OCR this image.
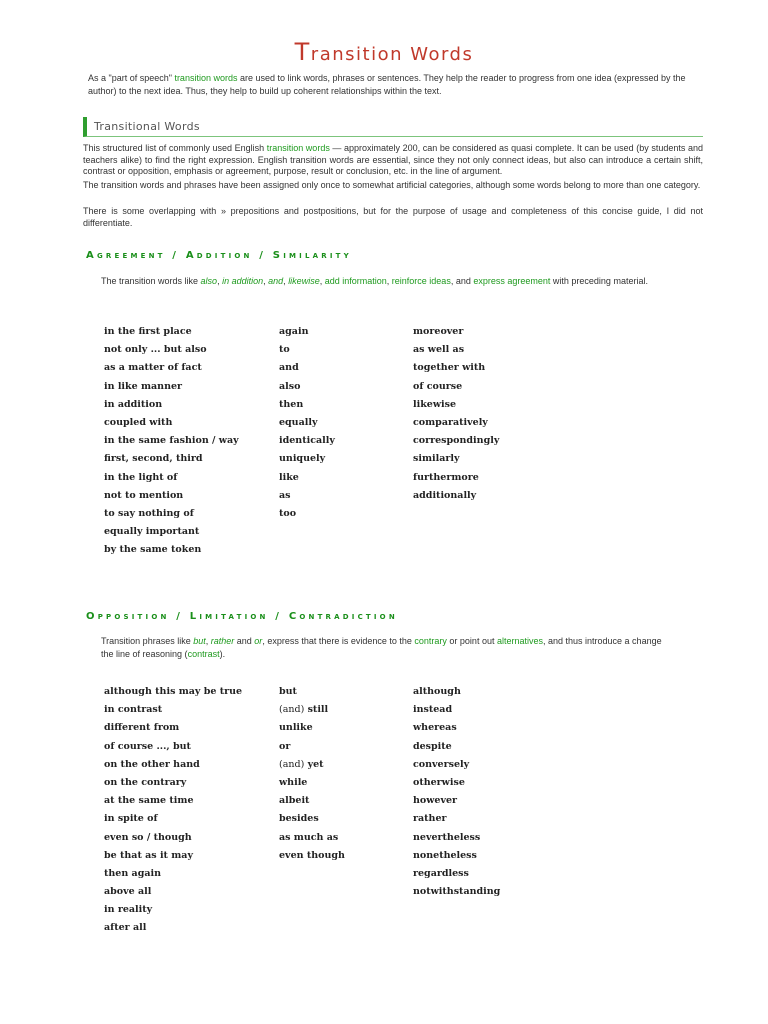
Transition Words
As a "part of speech" transition words are used to link words, phrases or sentences. They help the reader to progress from one idea (expressed by the author) to the next idea. Thus, they help to build up coherent relationships within the text.
Transitional Words
This structured list of commonly used English transition words — approximately 200, can be considered as quasi complete. It can be used (by students and teachers alike) to find the right expression. English transition words are essential, since they not only connect ideas, but also can introduce a certain shift, contrast or opposition, emphasis or agreement, purpose, result or conclusion, etc. in the line of argument.
The transition words and phrases have been assigned only once to somewhat artificial categories, although some words belong to more than one category.
There is some overlapping with » prepositions and postpositions, but for the purpose of usage and completeness of this concise guide, I did not differentiate.
Agreement / Addition / Similarity
The transition words like also, in addition, and, likewise, add information, reinforce ideas, and express agreement with preceding material.
in the first place
not only ... but also
as a matter of fact
in like manner
in addition
coupled with
in the same fashion / way
first, second, third
in the light of
not to mention
to say nothing of
equally important
by the same token
again
to
and
also
then
equally
identically
uniquely
like
as
too
moreover
as well as
together with
of course
likewise
comparatively
correspondingly
similarly
furthermore
additionally
Opposition / Limitation / Contradiction
Transition phrases like but, rather and or, express that there is evidence to the contrary or point out alternatives, and thus introduce a change the line of reasoning (contrast).
although this may be true
in contrast
different from
of course ..., but
on the other hand
on the contrary
at the same time
in spite of
even so / though
be that as it may
then again
above all
in reality
after all
but
(and) still
unlike
or
(and) yet
while
albeit
besides
as much as
even though
although
instead
whereas
despite
conversely
otherwise
however
rather
nevertheless
nonetheless
regardless
notwithstanding
